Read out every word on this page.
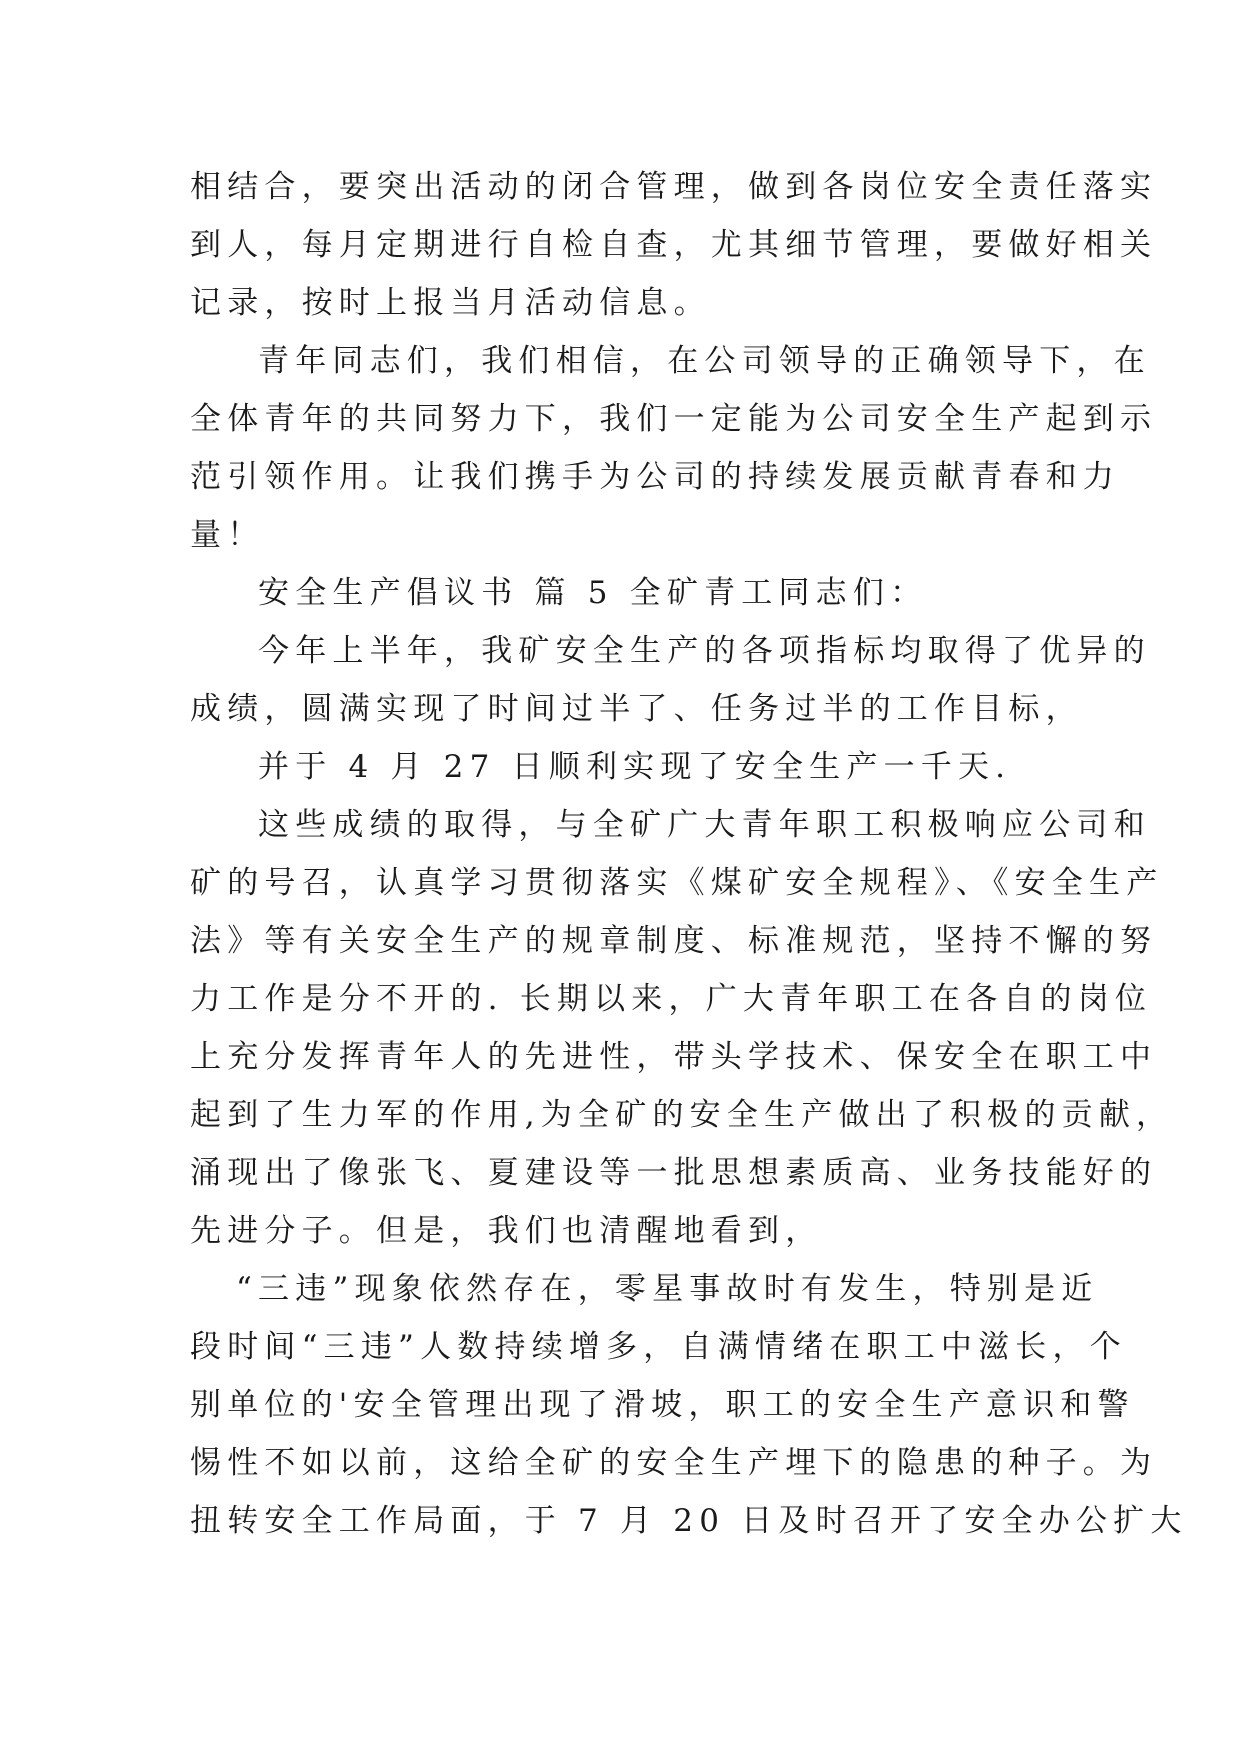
相结合，要突出活动的闭合管理，做到各岗位安全责任落实
到人，每月定期进行自检自查，尤其细节管理，要做好相关
记录，按时上报当月活动信息。
青年同志们，我们相信，在公司领导的正确领导下，在
全体青年的共同努力下，我们一定能为公司安全生产起到示
范引领作用。让我们携手为公司的持续发展贡献青春和力
量！
安全生产倡议书 篇 5 全矿青工同志们：
今年上半年，我矿安全生产的各项指标均取得了优异的
成绩，圆满实现了时间过半了、任务过半的工作目标，
并于 4 月 27 日顺利实现了安全生产一千天.
这些成绩的取得，与全矿广大青年职工积极响应公司和
矿的号召，认真学习贯彻落实《煤矿安全规程》、《安全生产
法》等有关安全生产的规章制度、标准规范，坚持不懈的努
力工作是分不开的. 长期以来，广大青年职工在各自的岗位
上充分发挥青年人的先进性，带头学技术、保安全在职工中
起到了生力军的作用,为全矿的安全生产做出了积极的贡献，
涌现出了像张飞、夏建设等一批思想素质高、业务技能好的
先进分子。但是，我们也清醒地看到，
“三违”现象依然存在，零星事故时有发生，特别是近
段时间“三违”人数持续增多，自满情绪在职工中滋长，个
别单位的'安全管理出现了滑坡，职工的安全生产意识和警
惕性不如以前，这给全矿的安全生产埋下的隐患的种子。为
扭转安全工作局面，于 7 月 20 日及时召开了安全办公扩大
